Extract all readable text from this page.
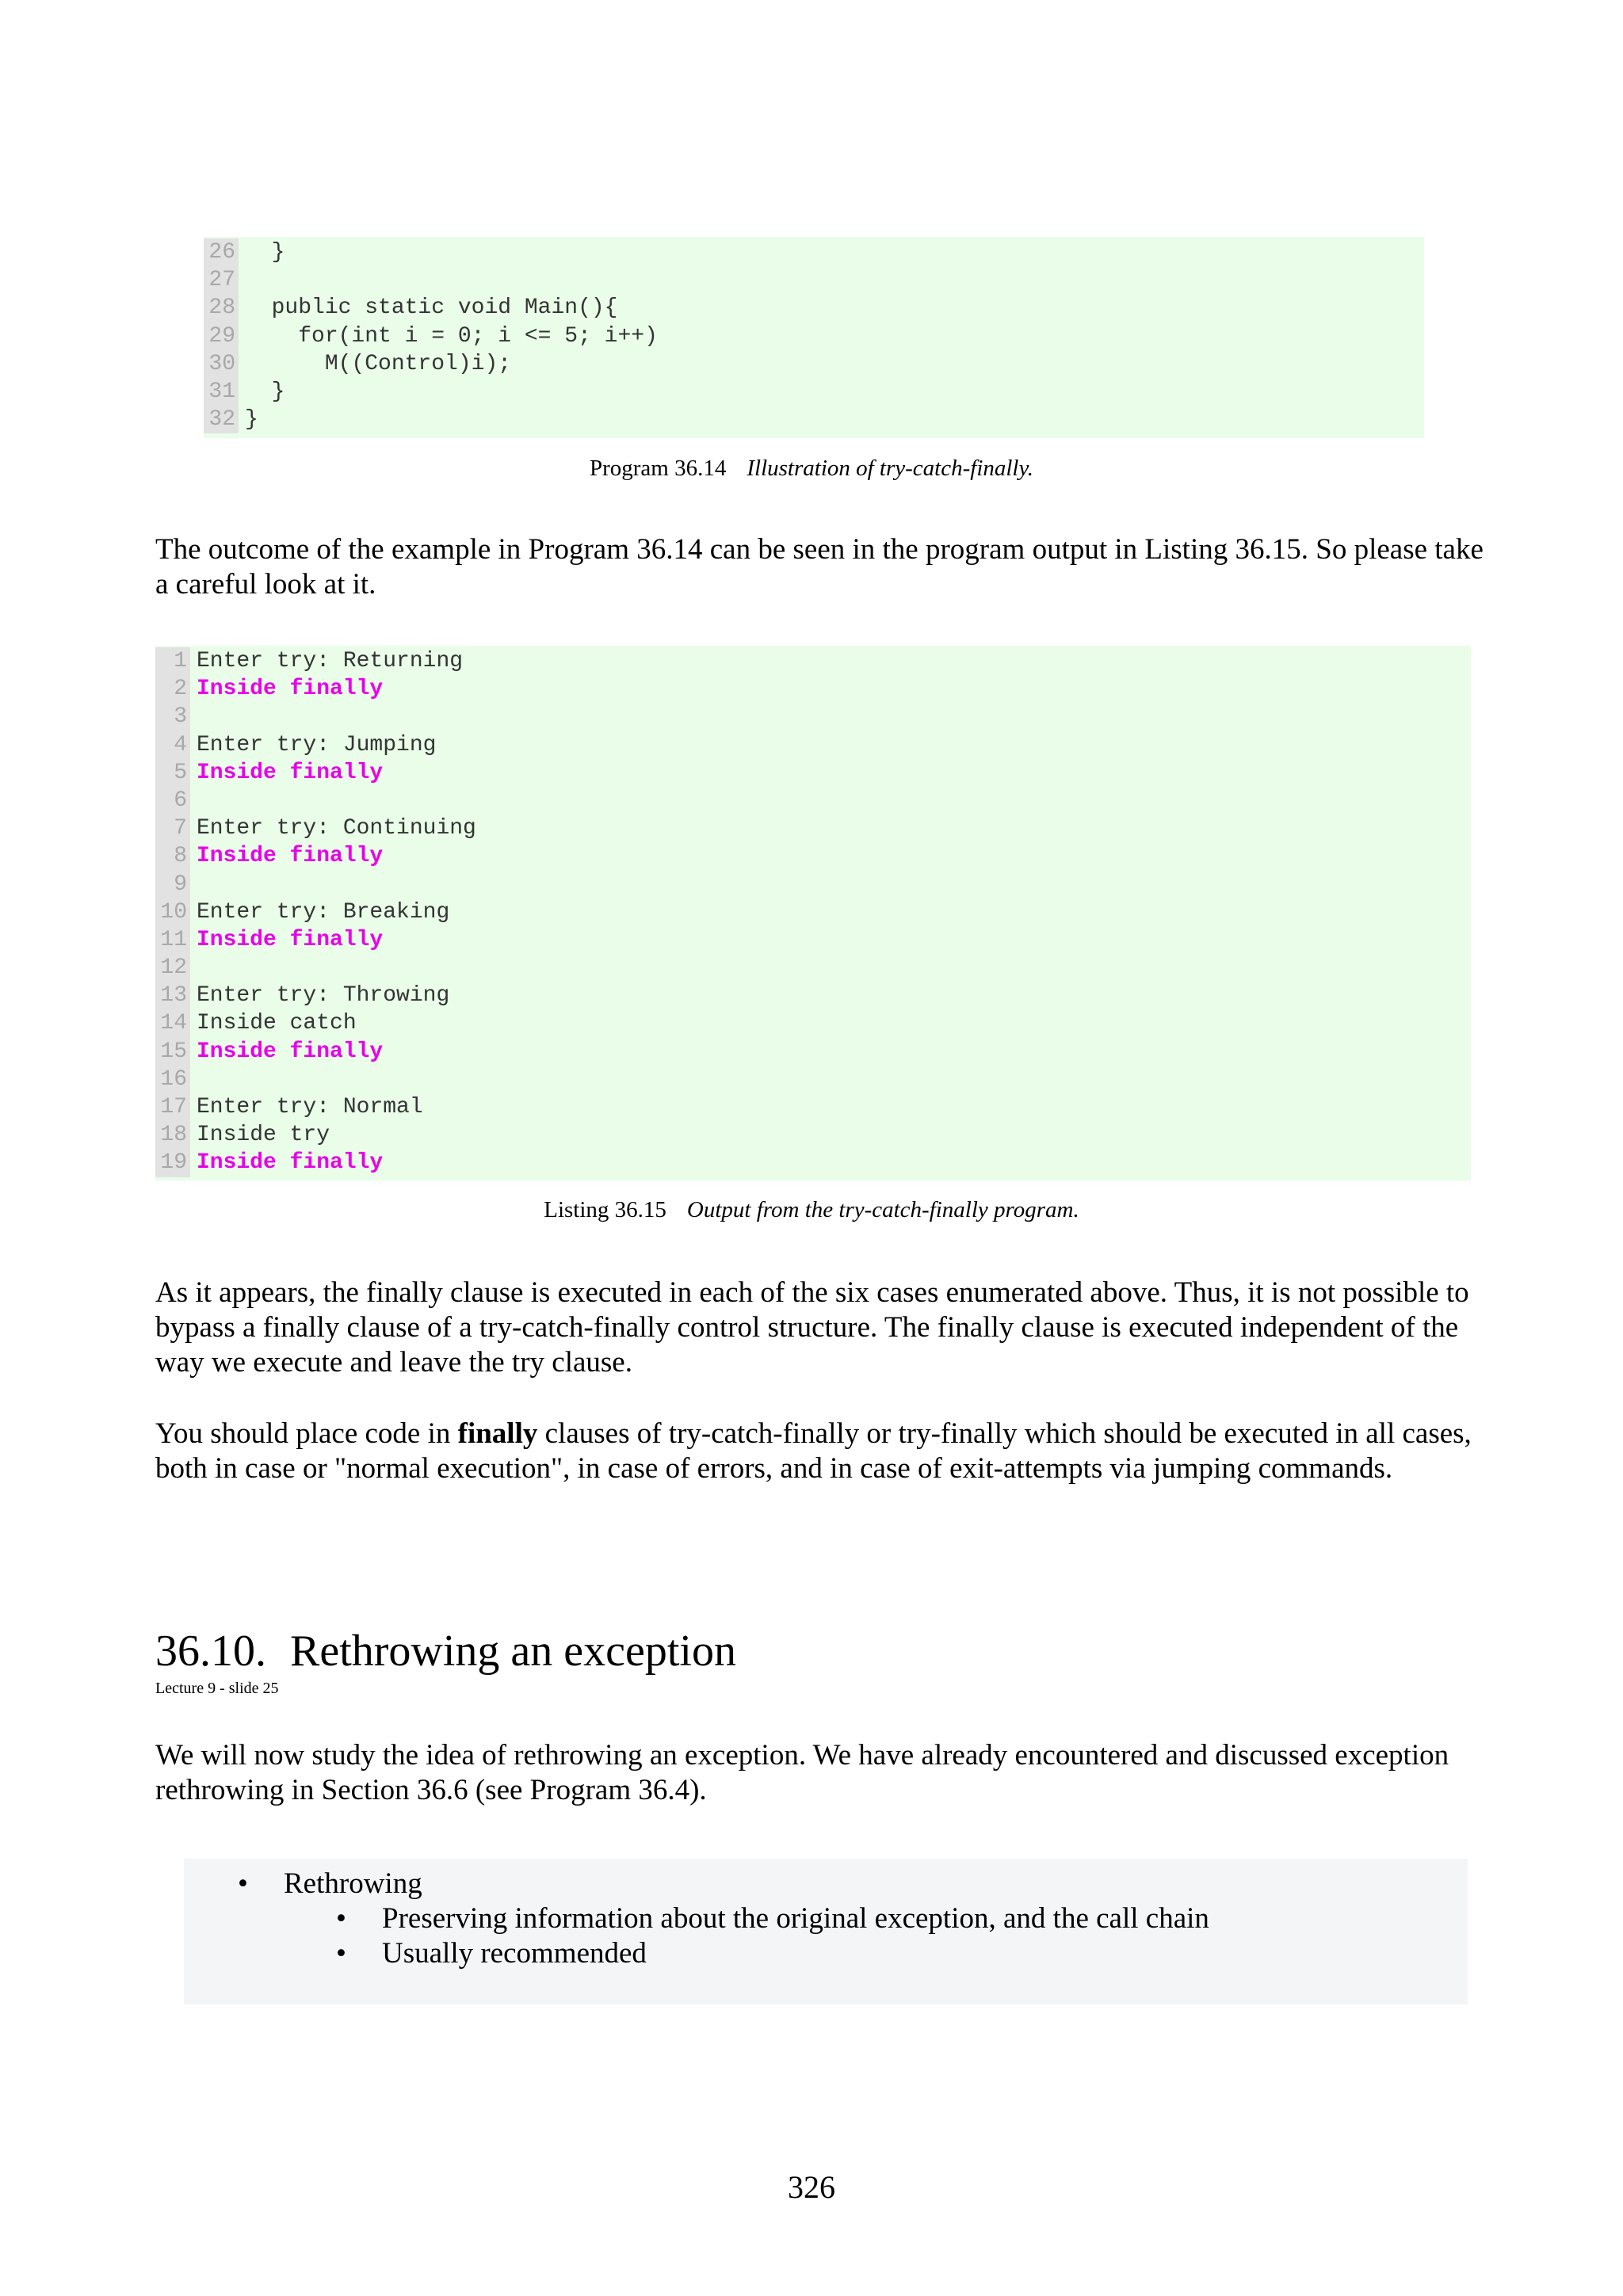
26 }
27
28 public static void Main(){
29 for(int i = 0; i <= 5; i++)
30 M((Control)i);
31 }
32 }
Program 36.14 Illustration of try-catch-finally.

The outcome of the example in Program 36.14 can be seen in the program output in Listing 36.15. So please take a careful look at it.

1 Enter try: Returning
2 Inside finally
3
4 Enter try: Jumping
5 Inside finally
6
7 Enter try: Continuing
8 Inside finally
9
10 Enter try: Breaking
11 Inside finally
12
13 Enter try: Throwing
14 Inside catch
15 Inside finally
16
17 Enter try: Normal
18 Inside try
19 Inside finally
Listing 36.15 Output from the try-catch-finally program.

As it appears, the finally clause is executed in each of the six cases enumerated above. Thus, it is not possible to bypass a finally clause of a try-catch-finally control structure. The finally clause is executed independent of the way we execute and leave the try clause.

You should place code in finally clauses of try-catch-finally or try-finally which should be executed in all cases, both in case or "normal execution", in case of errors, and in case of exit-attempts via jumping commands.

36.10. Rethrowing an exception
Lecture 9 - slide 25

We will now study the idea of rethrowing an exception. We have already encountered and discussed exception rethrowing in Section 36.6 (see Program 36.4).

• Rethrowing
• Preserving information about the original exception, and the call chain
• Usually recommended
326
